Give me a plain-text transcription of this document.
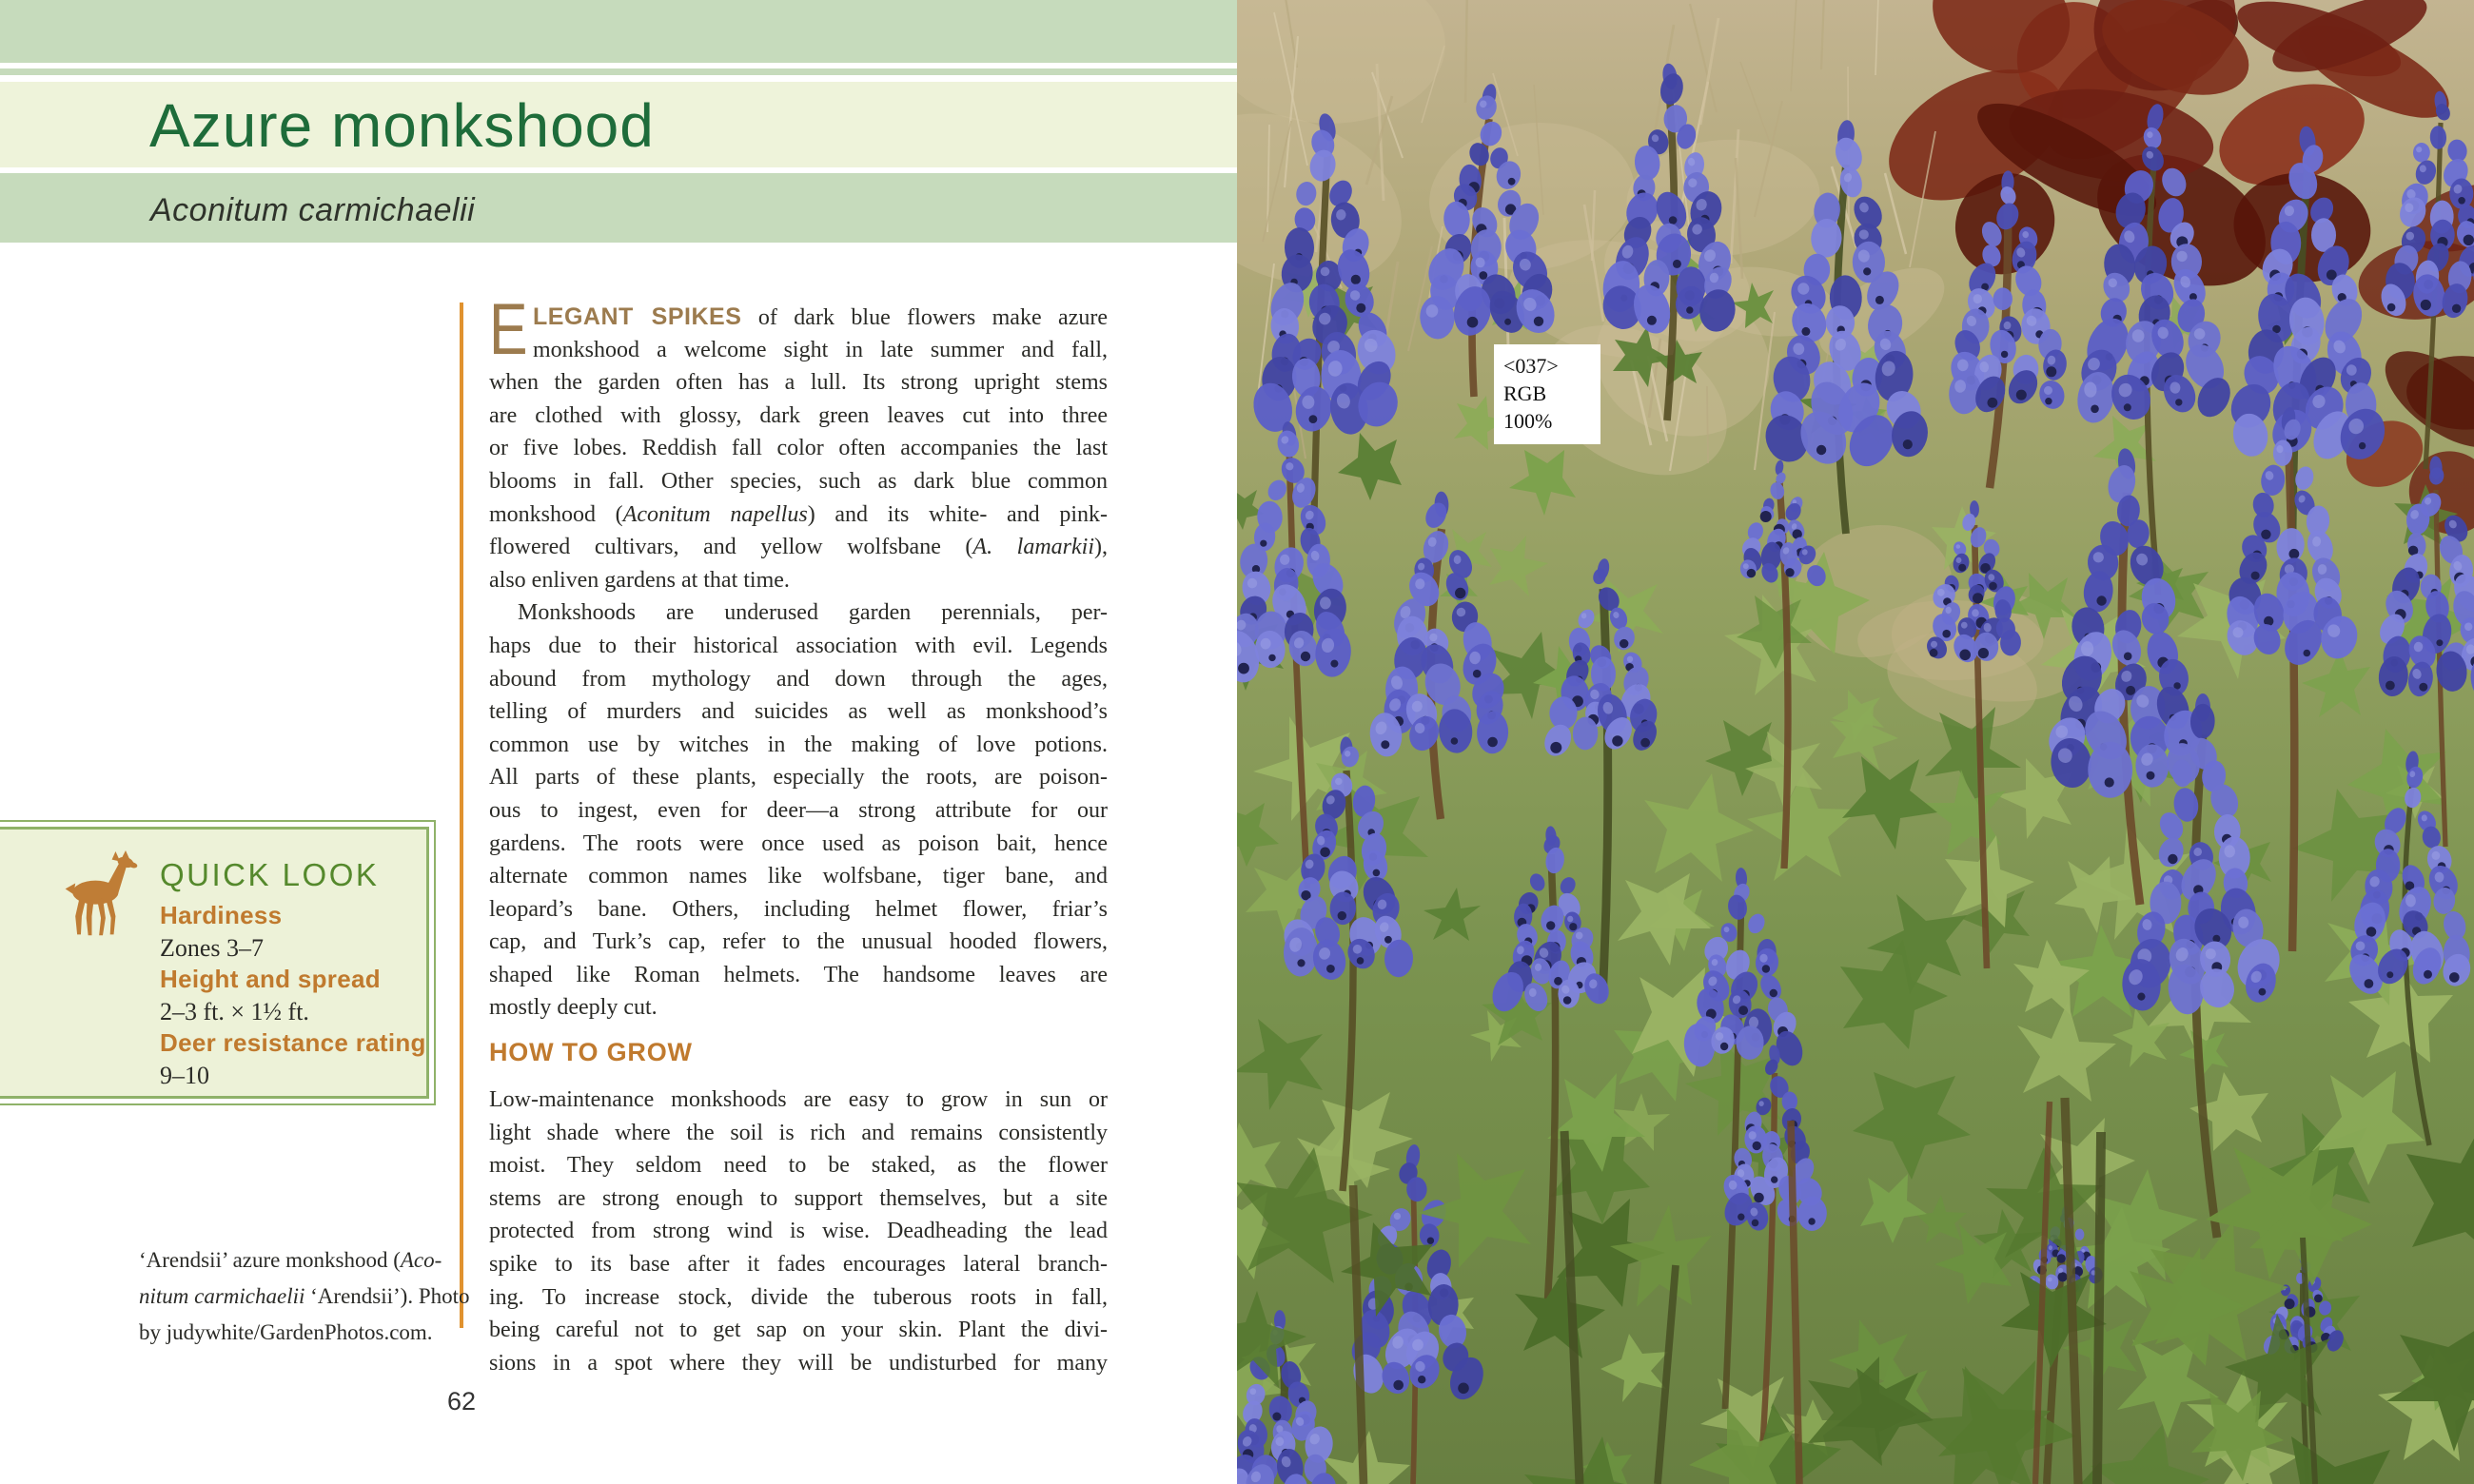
Azure monkshood
Aconitum carmichaelii
E LEGANT SPIKES of dark blue flowers make azure
monkshood a welcome sight in late summer and fall,
when the garden often has a lull. Its strong upright stems
are clothed with glossy, dark green leaves cut into three
or five lobes. Reddish fall color often accompanies the last
blooms in fall. Other species, such as dark blue common
monkshood (Aconitum napellus) and its white- and pink-
flowered cultivars, and yellow wolfsbane (A. lamarkii),
also enliven gardens at that time.
Monkshoods are underused garden perennials, per-
haps due to their historical association with evil. Legends
abound from mythology and down through the ages,
telling of murders and suicides as well as monkshood’s
common use by witches in the making of love potions.
All parts of these plants, especially the roots, are poison-
ous to ingest, even for deer—a strong attribute for our
gardens. The roots were once used as poison bait, hence
alternate common names like wolfsbane, tiger bane, and
leopard’s bane. Others, including helmet flower, friar’s
cap, and Turk’s cap, refer to the unusual hooded flowers,
shaped like Roman helmets. The handsome leaves are
mostly deeply cut.
HOW TO GROW
Low-maintenance monkshoods are easy to grow in sun or
light shade where the soil is rich and remains consistently
moist. They seldom need to be staked, as the flower
stems are strong enough to support themselves, but a site
protected from strong wind is wise. Deadheading the lead
spike to its base after it fades encourages lateral branch-
ing. To increase stock, divide the tuberous roots in fall,
being careful not to get sap on your skin. Plant the divi-
sions in a spot where they will be undisturbed for many
QUICK LOOK
Hardiness
Zones 3–7
Height and spread
2–3 ft. × 1½ ft.
Deer resistance rating
9–10
‘Arendsii’ azure monkshood (Aco-
nitum carmichaelii ‘Arendsii’). Photo
by judywhite/GardenPhotos.com.
62
<037>
RGB
100%
